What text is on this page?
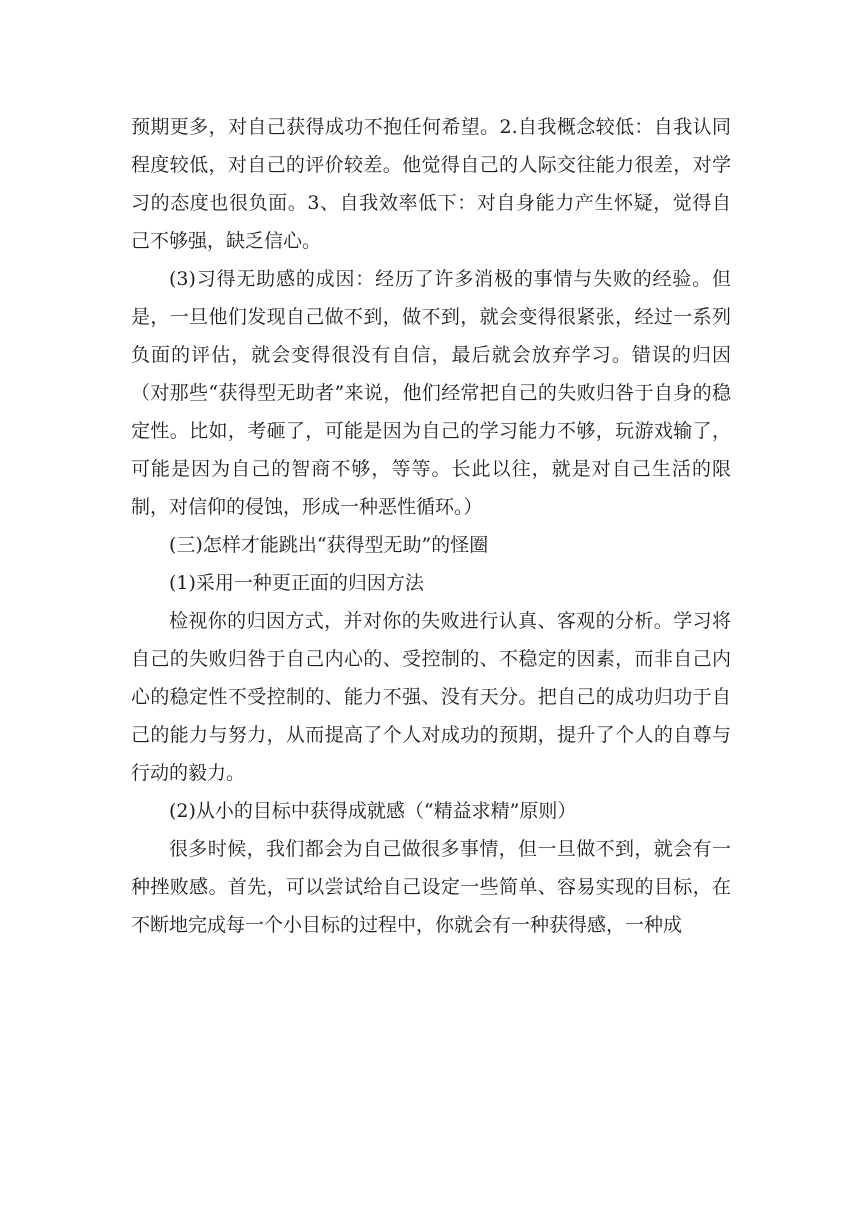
预期更多，对自己获得成功不抱任何希望。2.自我概念较低：自我认同程度较低，对自己的评价较差。他觉得自己的人际交往能力很差，对学习的态度也很负面。3、自我效率低下：对自身能力产生怀疑，觉得自己不够强，缺乏信心。

(3)习得无助感的成因：经历了许多消极的事情与失败的经验。但是，一旦他们发现自己做不到，做不到，就会变得很紧张，经过一系列负面的评估，就会变得很没有自信，最后就会放弃学习。错误的归因（对那些“获得型无助者”来说，他们经常把自己的失败归咎于自身的稳定性。比如，考砸了，可能是因为自己的学习能力不够，玩游戏输了，可能是因为自己的智商不够，等等。长此以往，就是对自己生活的限制，对信仰的侵蚀，形成一种恶性循环。）

(三)怎样才能跳出“获得型无助”的怪圈

(1)采用一种更正面的归因方法

检视你的归因方式，并对你的失败进行认真、客观的分析。学习将自己的失败归咎于自己内心的、受控制的、不稳定的因素，而非自己内心的稳定性不受控制的、能力不强、没有天分。把自己的成功归功于自己的能力与努力，从而提高了个人对成功的预期，提升了个人的自尊与行动的毅力。

(2)从小的目标中获得成就感（“精益求精”原则）

很多时候，我们都会为自己做很多事情，但一旦做不到，就会有一种挫败感。首先，可以尝试给自己设定一些简单、容易实现的目标，在不断地完成每一个小目标的过程中，你就会有一种获得感，一种成
